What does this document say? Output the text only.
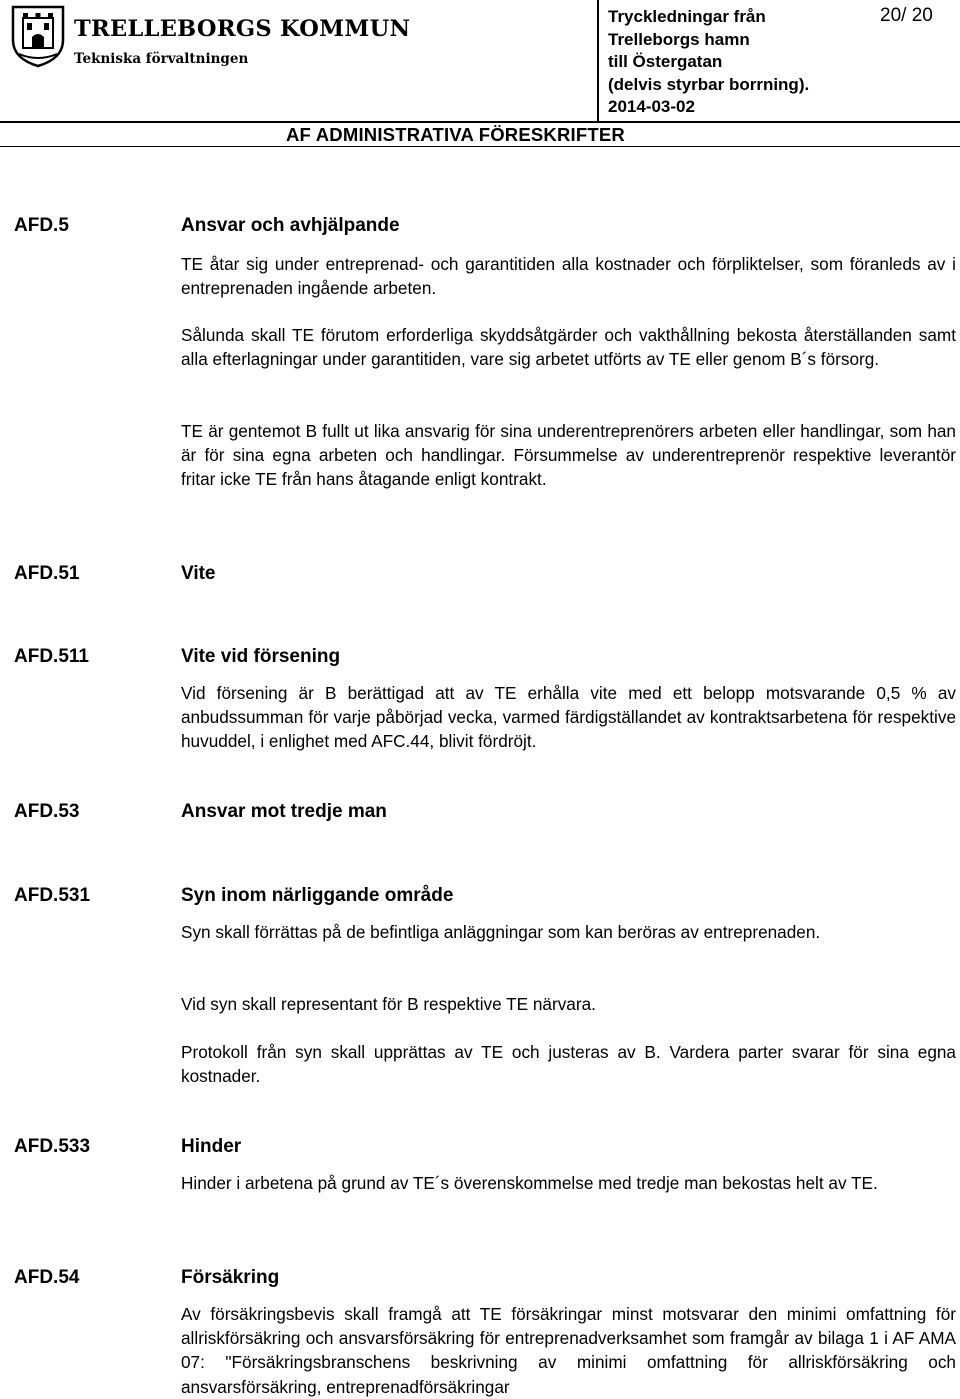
TRELLEBORGS KOMMUN
Tekniska förvaltningen
Tryckledningar från
Trelleborgs hamn
till Östergatan
(delvis styrbar borrning).
2014-03-02
20/ 20
AF ADMINISTRATIVA FÖRESKRIFTER
AFD.5	Ansvar och avhjälpande
TE åtar sig under entreprenad- och garantitiden alla kostnader och förpliktelser, som föranleds av i entreprenaden ingående arbeten.
Sålunda skall TE förutom erforderliga skyddsåtgärder och vakthållning bekosta återställanden samt alla efterlagningar under garantitiden, vare sig arbetet utförts av TE eller genom B´s försorg.
TE är gentemot B fullt ut lika ansvarig för sina underentreprenörers arbeten eller handlingar, som han är för sina egna arbeten och handlingar. Försummelse av underentreprenör respektive leverantör fritar icke TE från hans åtagande enligt kontrakt.
AFD.51	Vite
AFD.511	Vite vid försening
Vid försening är B berättigad att av TE erhålla vite med ett belopp motsvarande 0,5 % av anbudssumman för varje påbörjad vecka, varmed färdigställandet av kontraktsarbetena för respektive huvuddel, i enlighet med AFC.44, blivit fördröjt.
AFD.53	Ansvar mot tredje man
AFD.531	Syn inom närliggande område
Syn skall förrättas på de befintliga anläggningar som kan beröras av entreprenaden.
Vid syn skall representant för B respektive TE närvara.
Protokoll från syn skall upprättas av TE och justeras av B. Vardera parter svarar för sina egna kostnader.
AFD.533	Hinder
Hinder i arbetena på grund av TE´s överenskommelse med tredje man bekostas helt av TE.
AFD.54	Försäkring
Av försäkringsbevis skall framgå att TE försäkringar minst motsvarar den minimi omfattning för allriskförsäkring och ansvarsförsäkring för entreprenadverksamhet som framgår av bilaga 1 i AF AMA 07: "Försäkringsbranschens beskrivning av minimi omfattning för allriskförsäkring och ansvarsförsäkring, entreprenadförsäkringar
